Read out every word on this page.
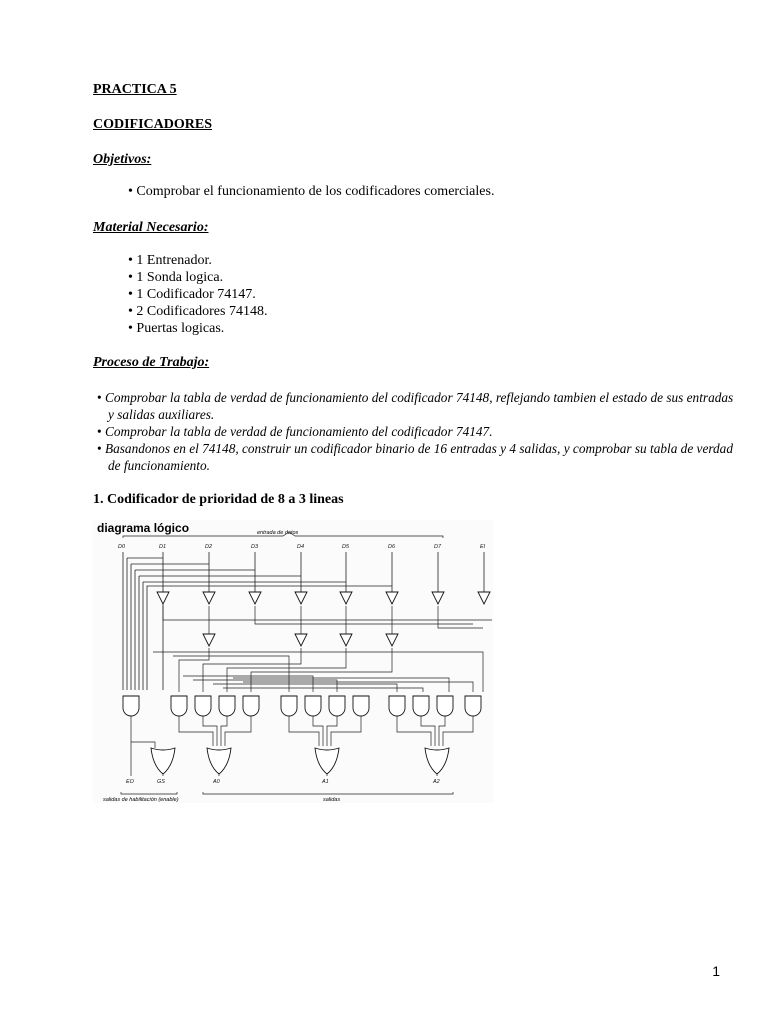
PRACTICA 5
CODIFICADORES
Objetivos:
• Comprobar el funcionamiento de los codificadores comerciales.
Material Necesario:
• 1 Entrenador.
• 1 Sonda logica.
• 1 Codificador 74147.
• 2 Codificadores 74148.
• Puertas logicas.
Proceso de Trabajo:
• Comprobar la tabla de verdad de funcionamiento del codificador 74148, reflejando tambien el estado de sus entradas y salidas auxiliares.
• Comprobar la tabla de verdad de funcionamiento del codificador 74147.
• Basandonos en el 74148, construir un codificador binario de 16 entradas y 4 salidas, y comprobar su tabla de verdad de funcionamiento.
1. Codificador de prioridad de 8 a 3 lineas
diagrama lógico	entrada de datos
D0	D1	D2	D3	D4	D5	D6	D7	EI
EO	GS	A0	A1	A2
salidas de habilitación (enable)	salidas
1
